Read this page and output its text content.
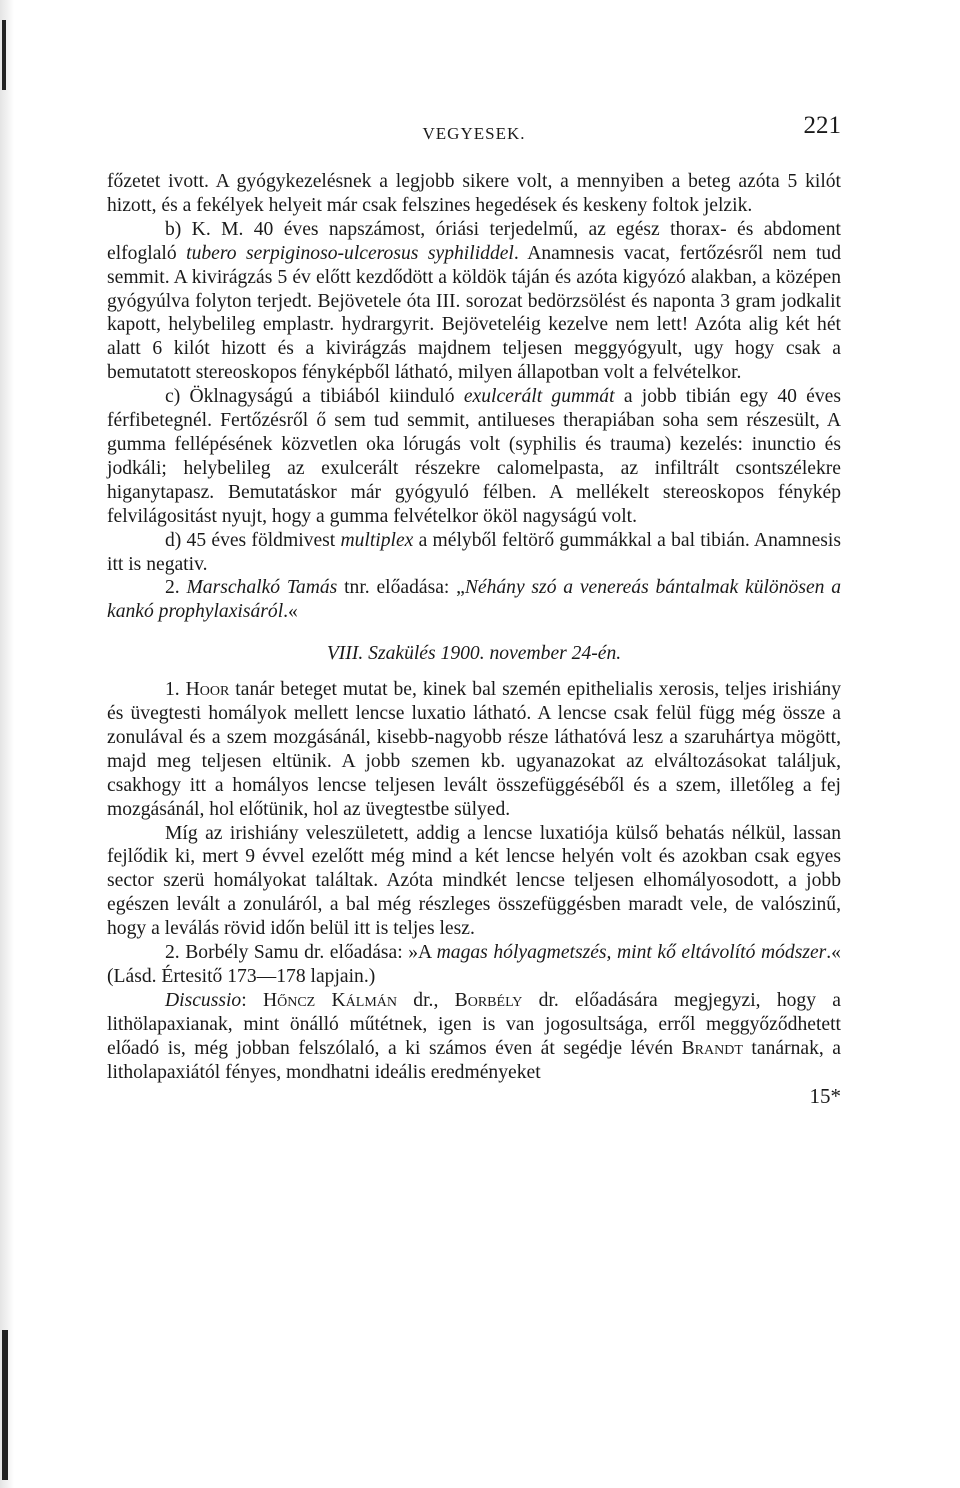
VEGYESEK.	221

főzetet ivott. A gyógykezelésnek a legjobb sikere volt, a mennyiben a beteg azóta 5 kilót hizott, és a fekélyek helyeit már csak felszines hegedések és keskeny foltok jelzik.

b) K. M. 40 éves napszámost, óriási terjedelmű, az egész thorax- és abdoment elfoglaló tubero serpiginoso-ulcerosus syphiliddel. Anamnesis vacat, fertőzésről nem tud semmit. A kivirágzás 5 év előtt kezdődött a köldök táján és azóta kigyózó alakban, a középen gyógyúlva folyton terjedt. Bejövetele óta III. sorozat bedörzsölést és naponta 3 gram jodkalit kapott, helybelileg emplastr. hydrargyrit. Bejöveteléig kezelve nem lett! Azóta alig két hét alatt 6 kilót hizott és a kivirágzás majdnem teljesen meggyógyult, ugy hogy csak a bemutatott stereoskopos fényképből látható, milyen állapotban volt a felvételkor.

c) Öklnagyságú a tibiából kiinduló exulcerált gummát a jobb tibián egy 40 éves férfibetegnél. Fertőzésről ő sem tud semmit, antilueses therapiában soha sem részesült, A gumma fellépésének közvetlen oka lórugás volt (syphilis és trauma) kezelés: inunctio és jodkáli; helybelileg az exulcerált részekre calomelpasta, az infiltrált csontszélekre higanytapasz. Bemutatáskor már gyógyuló félben. A mellékelt stereoskopos fénykép felvilágositást nyujt, hogy a gumma felvételkor ököl nagyságú volt.

d) 45 éves földmivest multiplex a mélyből feltörő gummákkal a bal tibián. Anamnesis itt is negativ.

2. Marschalkó Tamás tnr. előadása: „Néhány szó a venereás bántalmak különösen a kankó prophylaxisáról.«

VIII. Szakülés 1900. november 24-én.

1. Hoor tanár beteget mutat be, kinek bal szemén epithelialis xerosis, teljes irishiány és üvegtesti homályok mellett lencse luxatio látható. A lencse csak felül függ még össze a zonulával és a szem mozgásánál, kisebb-nagyobb része láthatóvá lesz a szaruhártya mögött, majd meg teljesen eltünik. A jobb szemen kb. ugyanazokat az elváltozásokat találjuk, csakhogy itt a homályos lencse teljesen levált összefüggéséből és a szem, illetőleg a fej mozgásánál, hol előtünik, hol az üvegtestbe sülyed.

Míg az irishiány veleszületett, addig a lencse luxatiója külső behatás nélkül, lassan fejlődik ki, mert 9 évvel ezelőtt még mind a két lencse helyén volt és azokban csak egyes sector szerü homályokat találtak. Azóta mindkét lencse teljesen elhomályosodott, a jobb egészen levált a zonuláról, a bal még részleges összefüggésben maradt vele, de valószinű, hogy a leválás rövid időn belül itt is teljes lesz.

2. Borbély Samu dr. előadása: »A magas hólyagmetszés, mint kő eltávolító módszer.« (Lásd. Értesitő 173—178 lapjain.)

Discussio: Hőncz Kálmán dr., Borbély dr. előadására megjegyzi, hogy a lithölapaxianak, mint önálló műtétnek, igen is van jogosultsága, erről meggyőződhetett előadó is, még jobban felszólaló, a ki számos éven át segédje lévén Brandt tanárnak, a litholapaxiától fényes, mondhatni ideális eredményeket

15*
